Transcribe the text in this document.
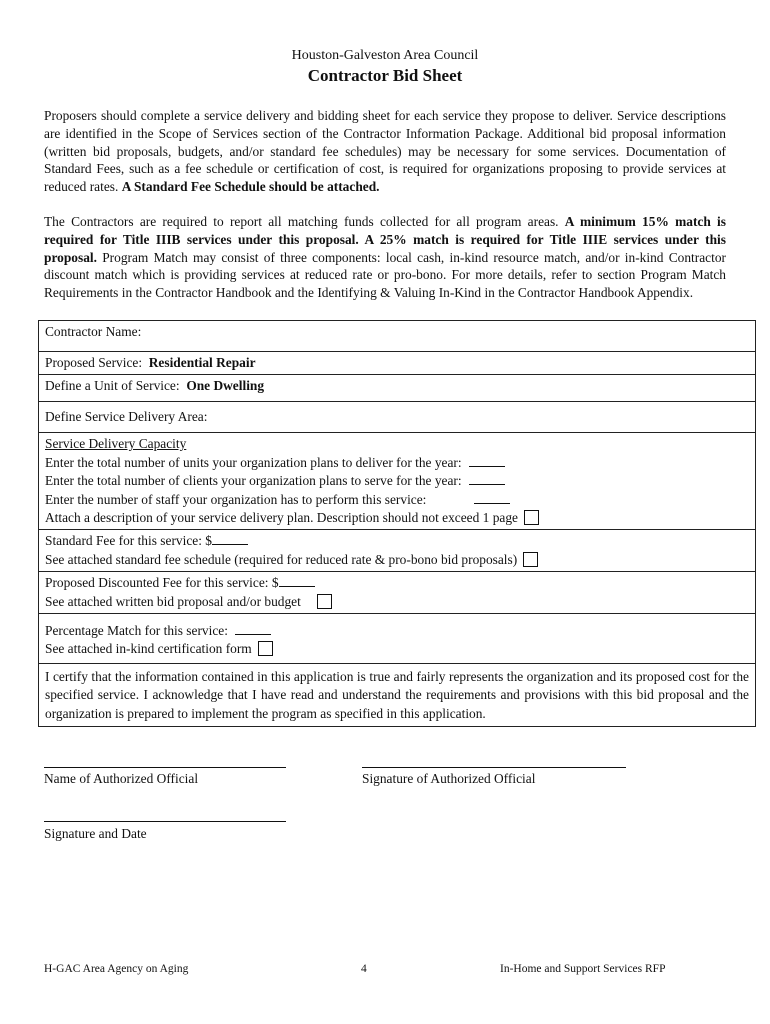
Houston-Galveston Area Council
Contractor Bid Sheet
Proposers should complete a service delivery and bidding sheet for each service they propose to deliver. Service descriptions are identified in the Scope of Services section of the Contractor Information Package. Additional bid proposal information (written bid proposals, budgets, and/or standard fee schedules) may be necessary for some services. Documentation of Standard Fees, such as a fee schedule or certification of cost, is required for organizations proposing to provide services at reduced rates. A Standard Fee Schedule should be attached.
The Contractors are required to report all matching funds collected for all program areas. A minimum 15% match is required for Title IIIB services under this proposal. A 25% match is required for Title IIIE services under this proposal. Program Match may consist of three components: local cash, in-kind resource match, and/or in-kind Contractor discount match which is providing services at reduced rate or pro-bono. For more details, refer to section Program Match Requirements in the Contractor Handbook and the Identifying & Valuing In-Kind in the Contractor Handbook Appendix.
Contractor Name:
Proposed Service: Residential Repair
Define a Unit of Service: One Dwelling
Define Service Delivery Area:

Service Delivery Capacity
Enter the total number of units your organization plans to deliver for the year:
Enter the total number of clients your organization plans to serve for the year:
Enter the number of staff your organization has to perform this service:
Attach a description of your service delivery plan. Description should not exceed 1 page

Standard Fee for this service: $
See attached standard fee schedule (required for reduced rate & pro-bono bid proposals)

Proposed Discounted Fee for this service: $
See attached written bid proposal and/or budget

Percentage Match for this service:
See attached in-kind certification form

I certify that the information contained in this application is true and fairly represents the organization and its proposed cost for the specified service. I acknowledge that I have read and understand the requirements and provisions with this bid proposal and the organization is prepared to implement the program as specified in this application.
Name of Authorized Official	Signature of Authorized Official
Signature and Date
H-GAC Area Agency on Aging	4	In-Home and Support Services RFP
